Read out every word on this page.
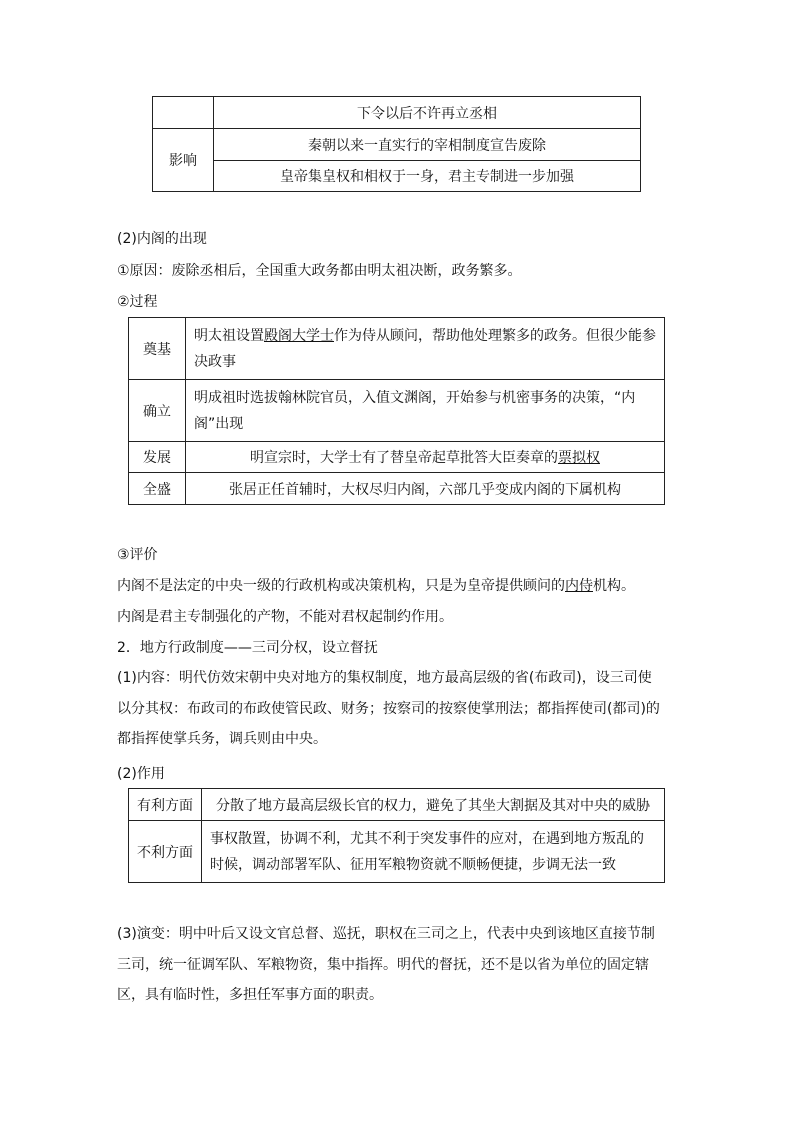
	下令以后不许再立丞相
影响	秦朝以来一直实行的宰相制度宣告废除
	皇帝集皇权和相权于一身，君主专制进一步加强
(2)内阁的出现
①原因：废除丞相后，全国重大政务都由明太祖决断，政务繁多。
②过程
奠基	明太祖设置殿阁大学士作为侍从顾问，帮助他处理繁多的政务。但很少能参决政事
确立	明成祖时选拔翰林院官员，入值文渊阁，开始参与机密事务的决策，“内阁”出现
发展	明宣宗时，大学士有了替皇帝起草批答大臣奏章的票拟权
全盛	张居正任首辅时，大权尽归内阁，六部几乎变成内阁的下属机构
③评价
内阁不是法定的中央一级的行政机构或决策机构，只是为皇帝提供顾问的内侍机构。
内阁是君主专制强化的产物，不能对君权起制约作用。
2．地方行政制度——三司分权，设立督抚
(1)内容：明代仿效宋朝中央对地方的集权制度，地方最高层级的省(布政司)，设三司使以分其权：布政司的布政使管民政、财务；按察司的按察使掌刑法；都指挥使司(都司)的都指挥使掌兵务，调兵则由中央。
(2)作用
有利方面	分散了地方最高层级长官的权力，避免了其坐大割据及其对中央的威胁
不利方面	事权散置，协调不利，尤其不利于突发事件的应对，在遇到地方叛乱的时候，调动部署军队、征用军粮物资就不顺畅便捷，步调无法一致
(3)演变：明中叶后又设文官总督、巡抚，职权在三司之上，代表中央到该地区直接节制三司，统一征调军队、军粮物资，集中指挥。明代的督抚，还不是以省为单位的固定辖区，具有临时性，多担任军事方面的职责。
